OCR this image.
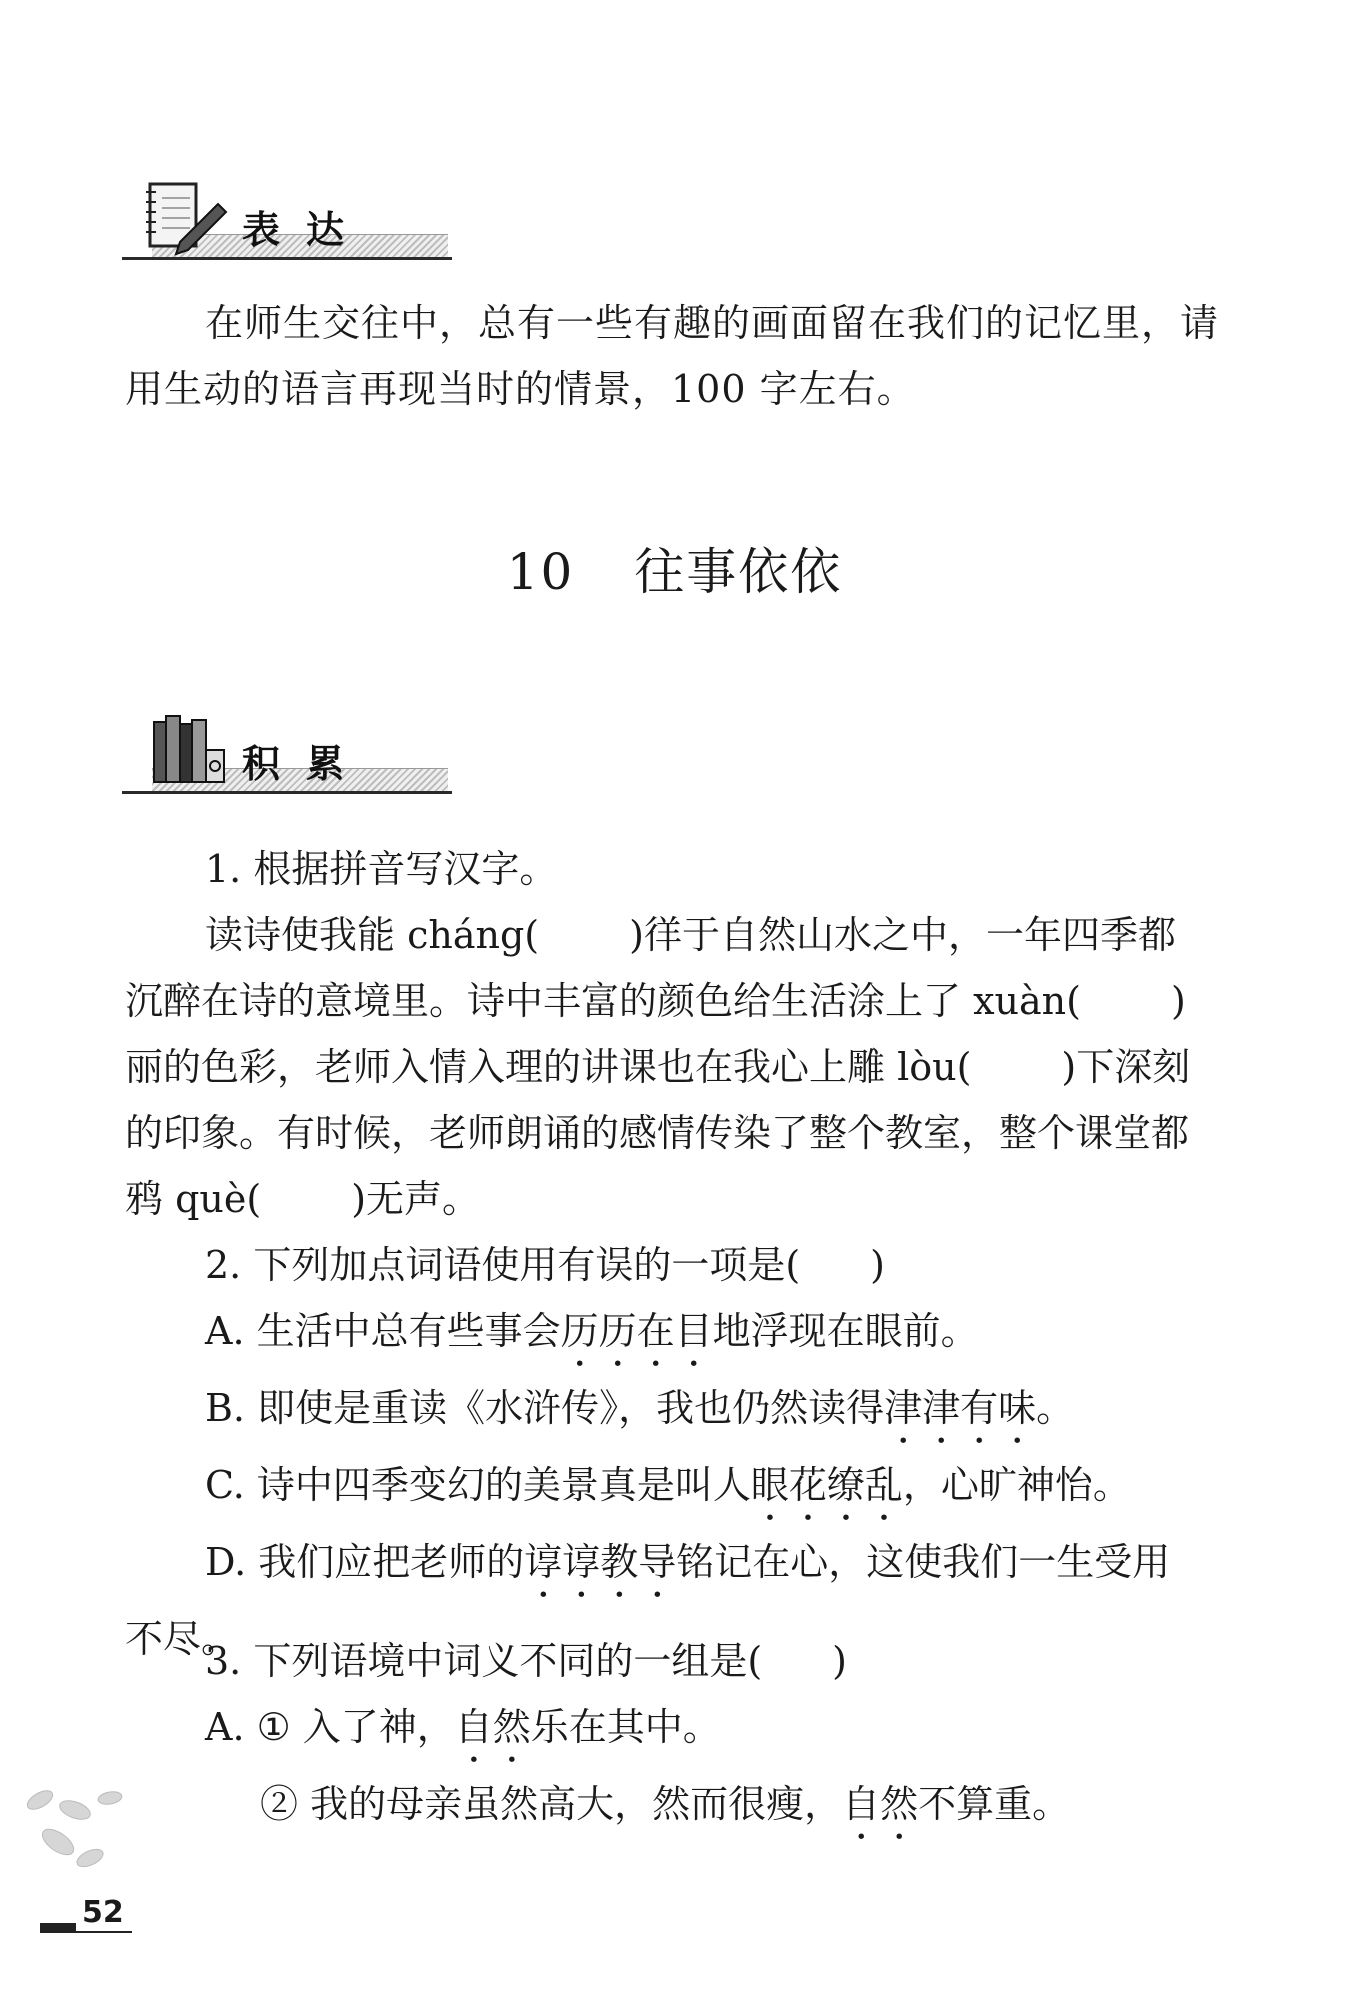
表达

在师生交往中，总有一些有趣的画面留在我们的记忆里，请

用生动的语言再现当时的情景，100 字左右。

10 往事依依
积累

1. 根据拼音写汉字。

读诗使我能 cháng( )徉于自然山水之中，一年四季都

沉醉在诗的意境里。诗中丰富的颜色给生活涂上了 xuàn( )

丽的色彩，老师入情入理的讲课也在我心上雕 lòu( )下深刻

的印象。有时候，老师朗诵的感情传染了整个教室，整个课堂都

鸦 què( )无声。

2. 下列加点词语使用有误的一项是( )

A. 生活中总有些事会历历在目地浮现在眼前。

B. 即使是重读《水浒传》，我也仍然读得津津有味。

C. 诗中四季变幻的美景真是叫人眼花缭乱，心旷神怡。

D. 我们应把老师的谆谆教导铭记在心，这使我们一生受用

不尽。

3. 下列语境中词义不同的一组是( )

A. ① 入了神，自然乐在其中。

② 我的母亲虽然高大，然而很瘦，自然不算重。

52
